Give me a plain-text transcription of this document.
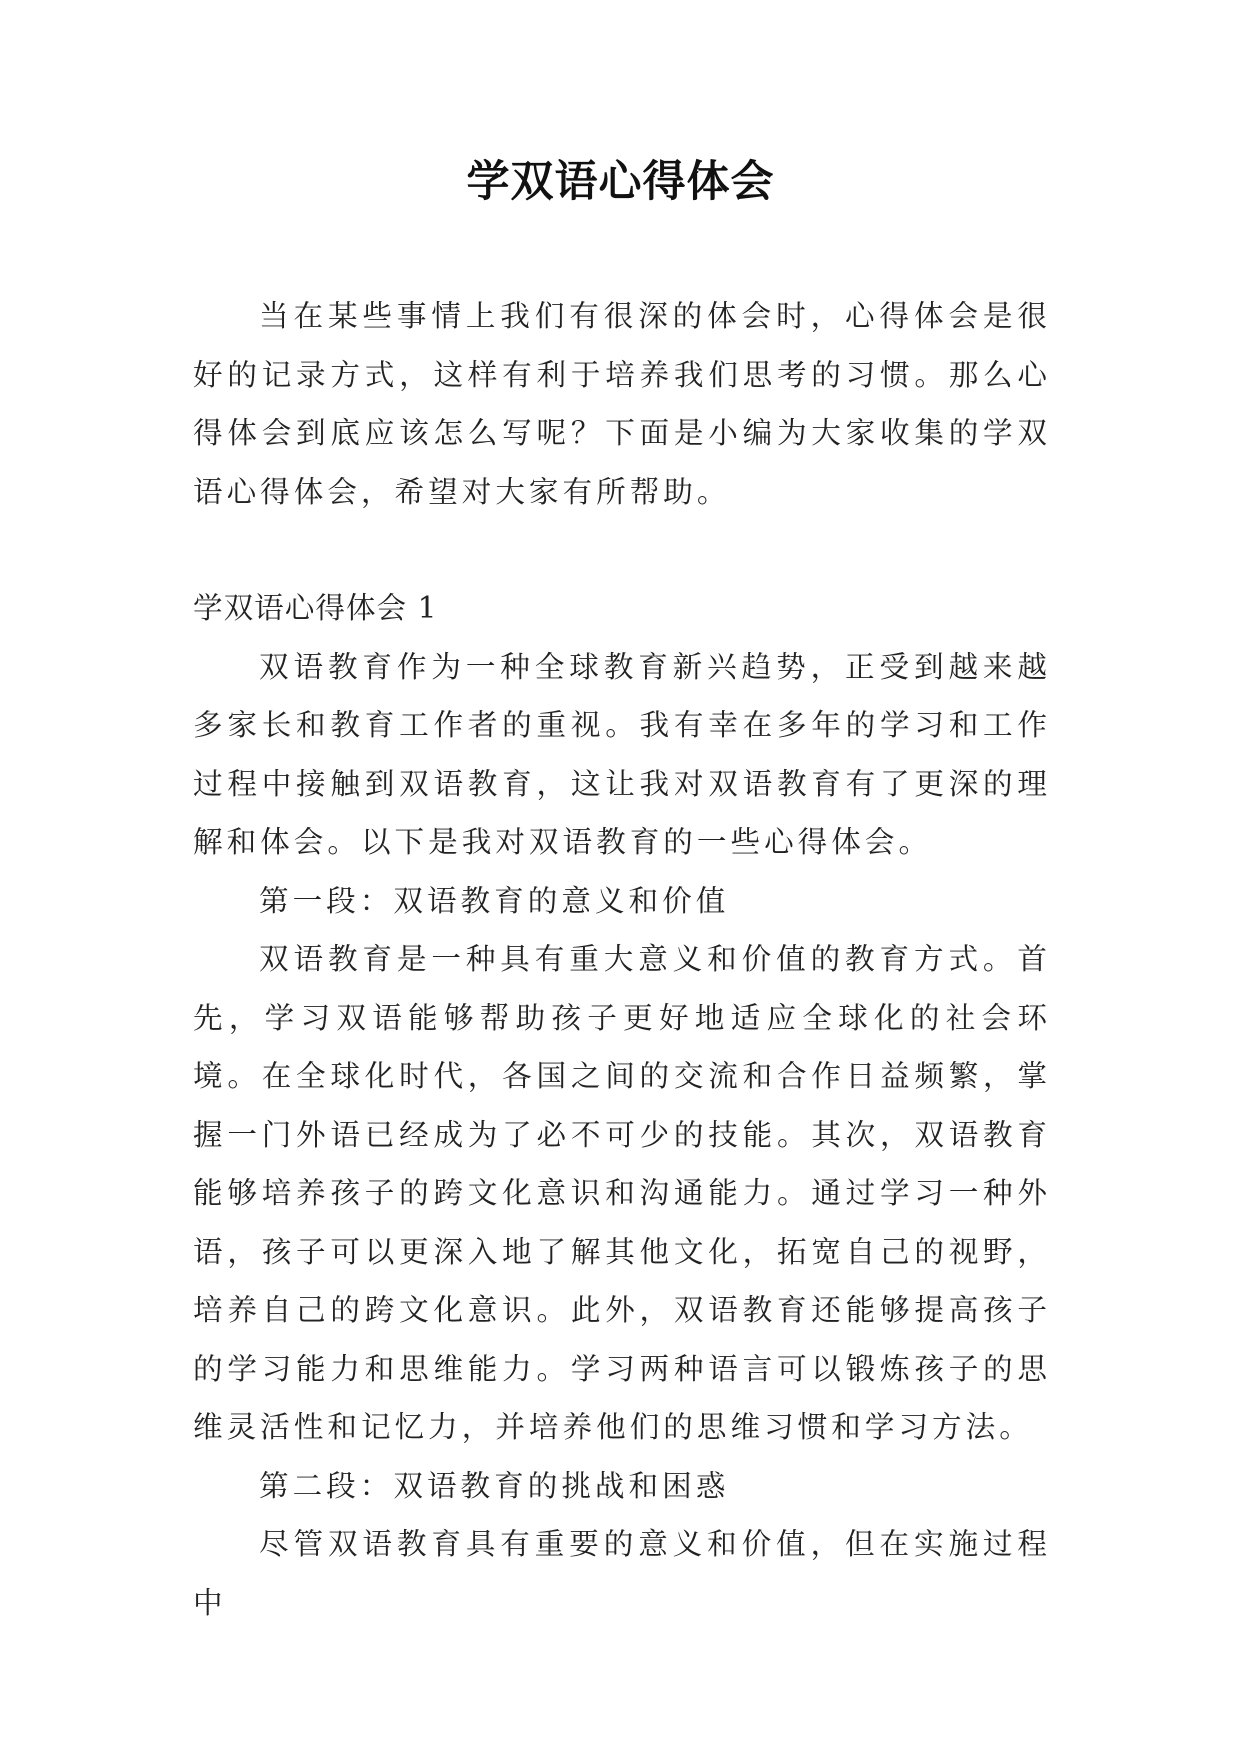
学双语心得体会

当在某些事情上我们有很深的体会时，心得体会是很好的记录方式，这样有利于培养我们思考的习惯。那么心得体会到底应该怎么写呢？下面是小编为大家收集的学双语心得体会，希望对大家有所帮助。

学双语心得体会 1

双语教育作为一种全球教育新兴趋势，正受到越来越多家长和教育工作者的重视。我有幸在多年的学习和工作过程中接触到双语教育，这让我对双语教育有了更深的理解和体会。以下是我对双语教育的一些心得体会。

第一段：双语教育的意义和价值

双语教育是一种具有重大意义和价值的教育方式。首先，学习双语能够帮助孩子更好地适应全球化的社会环境。在全球化时代，各国之间的交流和合作日益频繁，掌握一门外语已经成为了必不可少的技能。其次，双语教育能够培养孩子的跨文化意识和沟通能力。通过学习一种外语，孩子可以更深入地了解其他文化，拓宽自己的视野，培养自己的跨文化意识。此外，双语教育还能够提高孩子的学习能力和思维能力。学习两种语言可以锻炼孩子的思维灵活性和记忆力，并培养他们的思维习惯和学习方法。

第二段：双语教育的挑战和困惑

尽管双语教育具有重要的意义和价值，但在实施过程中
